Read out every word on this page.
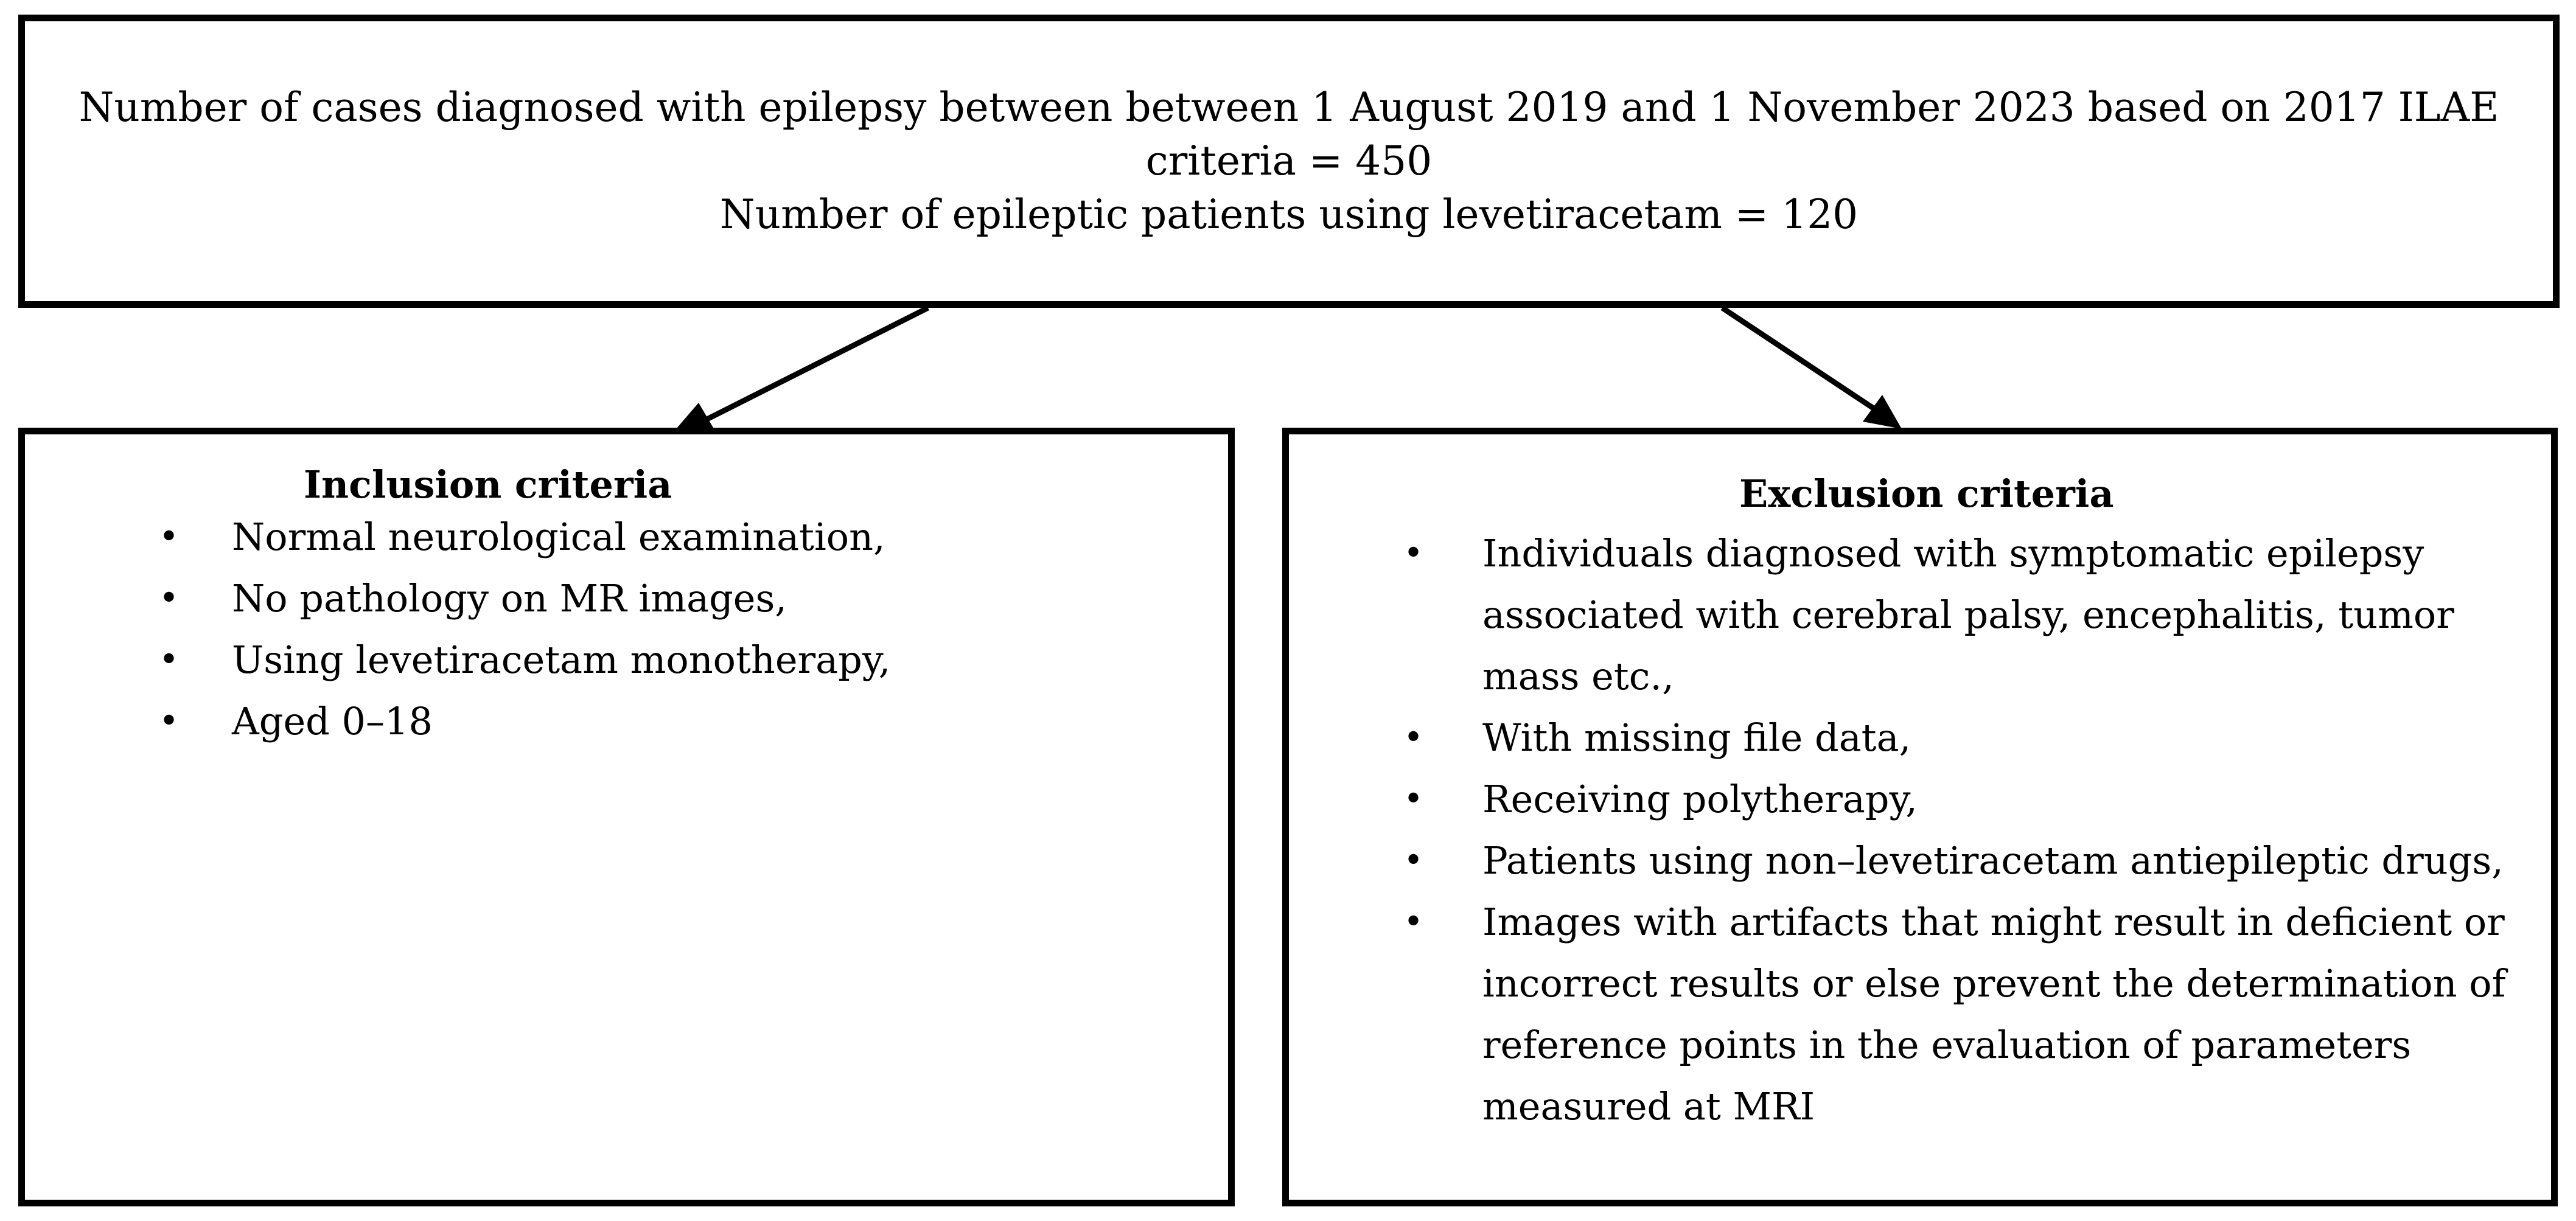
Number of cases diagnosed with epilepsy between between 1 August 2019 and 1 November 2023 based on 2017 ILAE
criteria = 450
Number of epileptic patients using levetiracetam = 120
Inclusion criteria
• Normal neurological examination,
• No pathology on MR images,
• Using levetiracetam monotherapy,
• Aged 0–18
Exclusion criteria
• Individuals diagnosed with symptomatic epilepsy associated with cerebral palsy, encephalitis, tumor mass etc.,
• With missing file data,
• Receiving polytherapy,
• Patients using non–levetiracetam antiepileptic drugs,
• Images with artifacts that might result in deficient or incorrect results or else prevent the determination of reference points in the evaluation of parameters measured at MRI
